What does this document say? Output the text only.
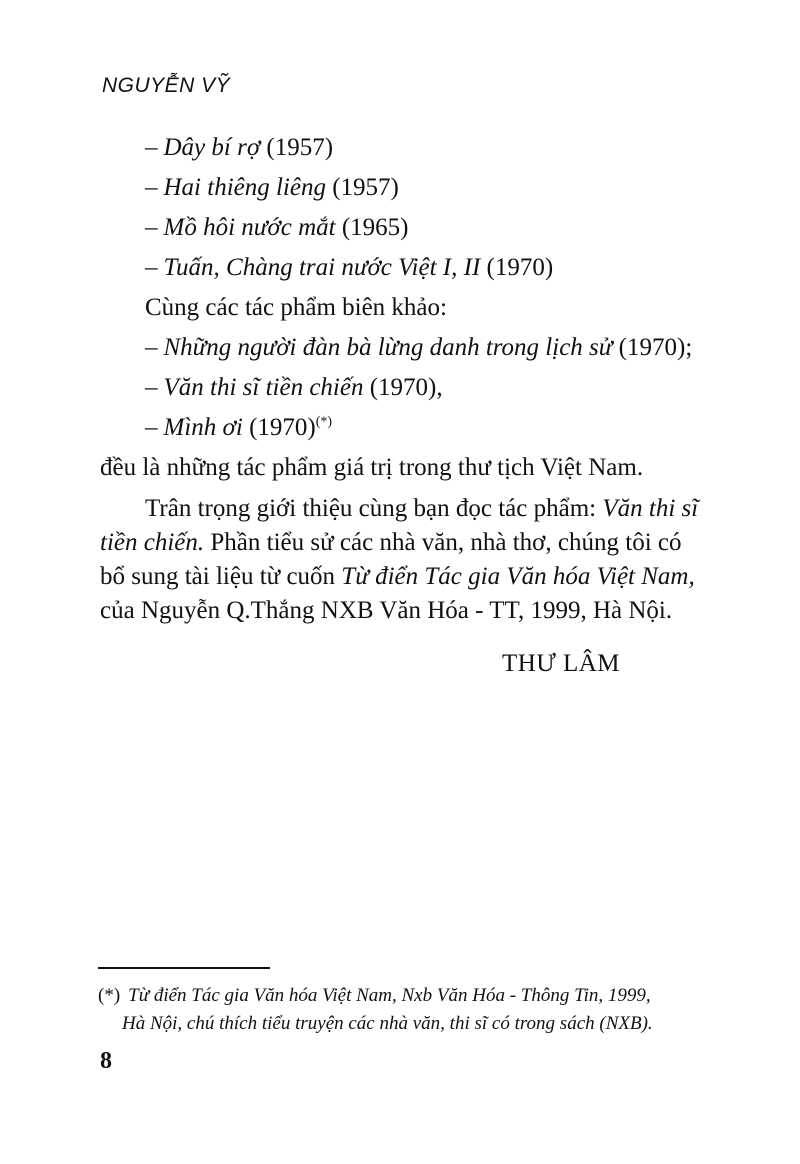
NGUYỄN VỸ
– Dây bí rợ (1957)
– Hai thiêng liêng (1957)
– Mồ hôi nước mắt (1965)
– Tuấn, Chàng trai nước Việt I, II (1970)
Cùng các tác phẩm biên khảo:
– Những người đàn bà lừng danh trong lịch sử (1970);
– Văn thi sĩ tiền chiến (1970),
– Mình ơi (1970)(*)
đều là những tác phẩm giá trị trong thư tịch Việt Nam.
Trân trọng giới thiệu cùng bạn đọc tác phẩm: Văn thi sĩ
tiền chiến. Phần tiểu sử các nhà văn, nhà thơ, chúng tôi có
bổ sung tài liệu từ cuốn Từ điển Tác gia Văn hóa Việt Nam,
của Nguyễn Q.Thắng NXB Văn Hóa - TT, 1999, Hà Nội.
THƯ LÂM
(*) Từ điển Tác gia Văn hóa Việt Nam, Nxb Văn Hóa - Thông Tin, 1999,
Hà Nội, chú thích tiểu truyện các nhà văn, thi sĩ có trong sách (NXB).
8
